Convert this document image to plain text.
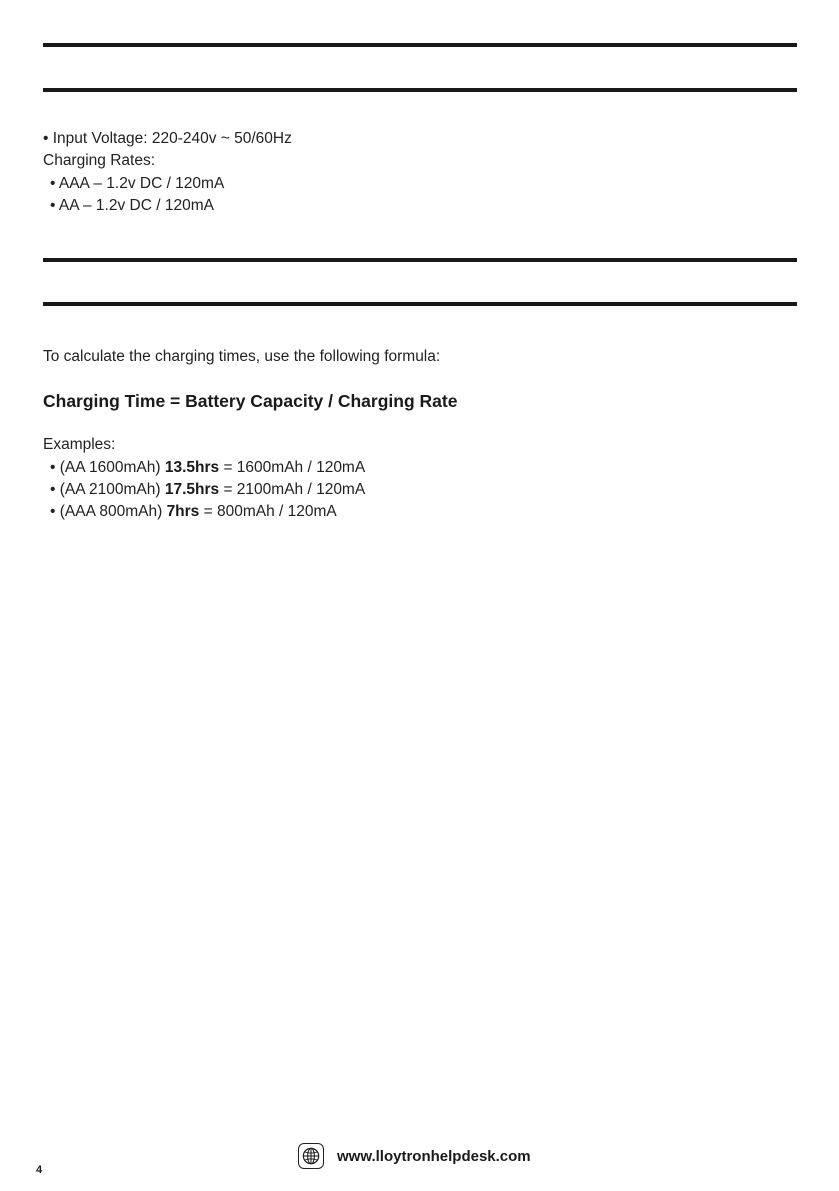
• Input Voltage: 220-240v ~ 50/60Hz
Charging Rates:
• AAA – 1.2v DC / 120mA
• AA – 1.2v DC / 120mA
To calculate the charging times, use the following formula:
Charging Time = Battery Capacity / Charging Rate
Examples:
• (AA 1600mAh) 13.5hrs = 1600mAh / 120mA
• (AA 2100mAh) 17.5hrs = 2100mAh / 120mA
• (AAA 800mAh) 7hrs = 800mAh / 120mA
www.lloytronhelpdesk.com
4
